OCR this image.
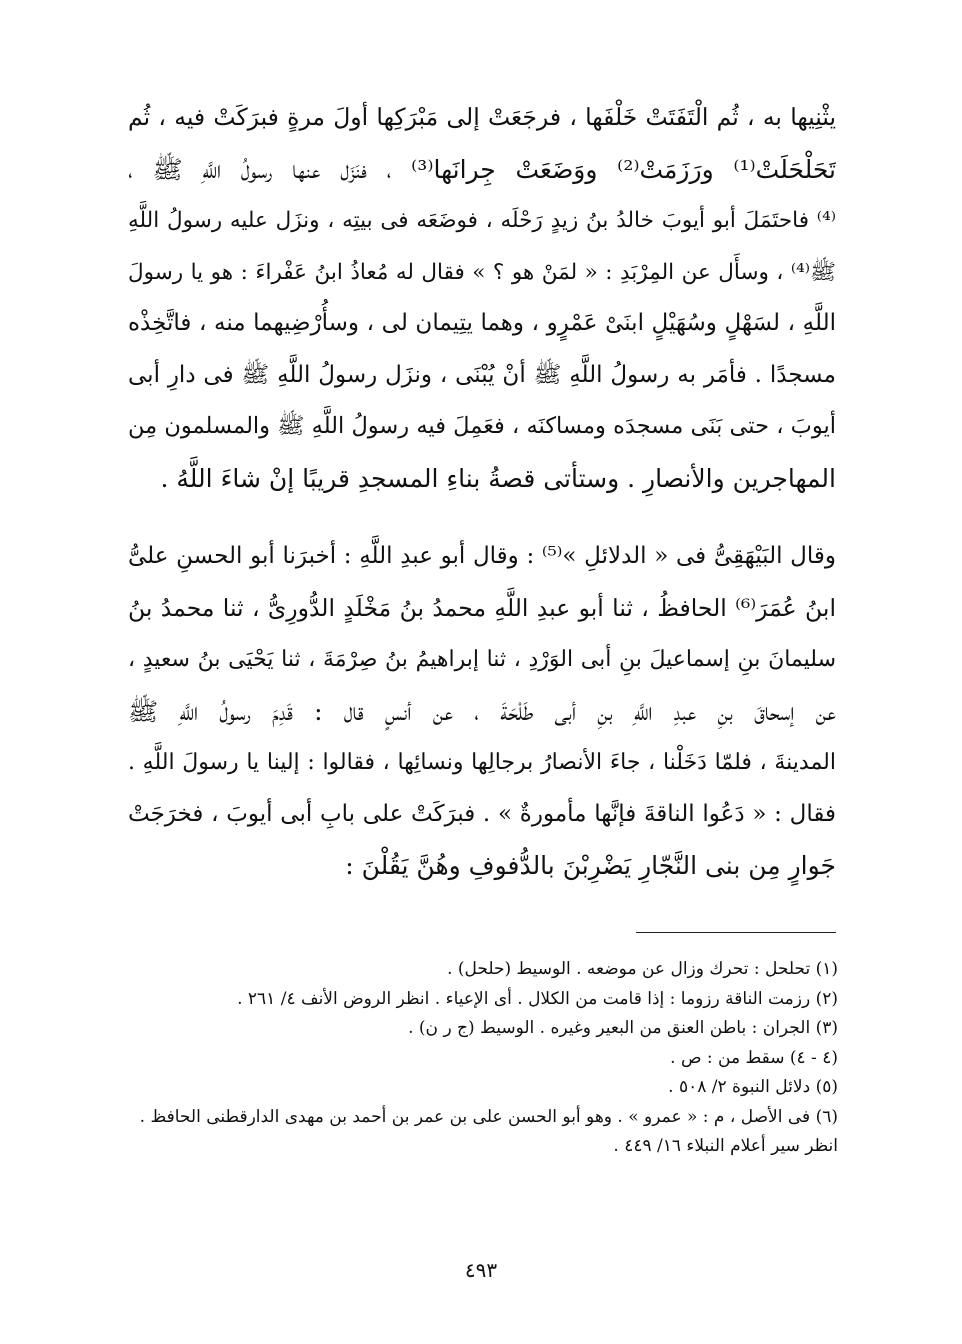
يثْنِيها به ، ثُم الْتَفَتَتْ خَلْفَها ، فرجَعَتْ إلى مَبْرَكِها أولَ مرةٍ فبرَكَتْ فيه ، ثُم
تَحَلْحَلَتْ⁽¹⁾ ورَزَمَتْ⁽²⁾ ووَضَعَتْ جِرانَها⁽³⁾ ، فنَزَل عنها رسولُ اللَّهِ ﷺ ،
⁽⁴⁾ فاحتَمَلَ أبو أيوبَ خالدُ بنُ زيدٍ رَحْلَه ، فوضَعَه فى بيتِه ، ونزَل عليه رسولُ اللَّهِ
ﷺ⁽⁴⁾ ، وسأَل عن المِرْبَدِ : « لمَنْ هو ؟ » فقال له مُعاذُ ابنُ عَفْراءَ : هو يا رسولَ
اللَّهِ ، لسَهْلٍ وسُهَيْلٍ ابنَىْ عَمْرٍو ، وهما يتِيمان لى ، وسأُرْضِيهما منه ، فاتَّخِذْه
مسجدًا . فأمَر به رسولُ اللَّهِ ﷺ أنْ يُبْنَى ، ونزَل رسولُ اللَّهِ ﷺ فى دارِ أبى
أيوبَ ، حتى بَنَى مسجدَه ومساكنَه ، فعَمِلَ فيه رسولُ اللَّهِ ﷺ والمسلمون مِن
المهاجرين والأنصارِ . وستأتى قصةُ بناءِ المسجدِ قريبًا إنْ شاءَ اللَّهُ .
وقال البَيْهَقِىُّ فى « الدلائلِ »⁽⁵⁾ : وقال أبو عبدِ اللَّهِ : أخبرَنا أبو الحسنِ علىُّ
ابنُ عُمَرَ⁽⁶⁾ الحافظُ ، ثنا أبو عبدِ اللَّهِ محمدُ بنُ مَخْلَدٍ الدُّورِىُّ ، ثنا محمدُ بنُ
سليمانَ بنِ إسماعيلَ بنِ أبى الوَرْدِ ، ثنا إبراهيمُ بنُ صِرْمَةَ ، ثنا يَحْيَى بنُ سعيدٍ ،
عن إسحاقَ بنِ عبدِ اللَّهِ بنِ أبى طَلْحَةَ ، عن أنسٍ قال : قَدِمَ رسولُ اللَّهِ ﷺ
المدينةَ ، فلمّا دَخَلْنا ، جاءَ الأنصارُ برجالِها ونسائِها ، فقالوا : إلينا يا رسولَ اللَّهِ .
فقال : « دَعُوا الناقةَ فإنَّها مأمورةٌ » . فبرَكَتْ على بابِ أبى أيوبَ ، فخرَجَتْ
جَوارٍ مِن بنى النَّجّارِ يَضْرِبْنَ بالدُّفوفِ وهُنَّ يَقُلْنَ :
(١) تحلحل : تحرك وزال عن موضعه . الوسيط (حلحل) .
(٢) رزمت الناقة رزوما : إذا قامت من الكلال . أى الإعياء . انظر الروض الأنف ٤/ ٢٦١ .
(٣) الجران : باطن العنق من البعير وغيره . الوسيط (ج ر ن) .
(٤ - ٤) سقط من : ص .
(٥) دلائل النبوة ٢/ ٥٠٨ .
(٦) فى الأصل ، م : « عمرو » . وهو أبو الحسن على بن عمر بن أحمد بن مهدى الدارقطنى الحافظ .
انظر سير أعلام النبلاء ١٦/ ٤٤٩ .
٤٩٣
